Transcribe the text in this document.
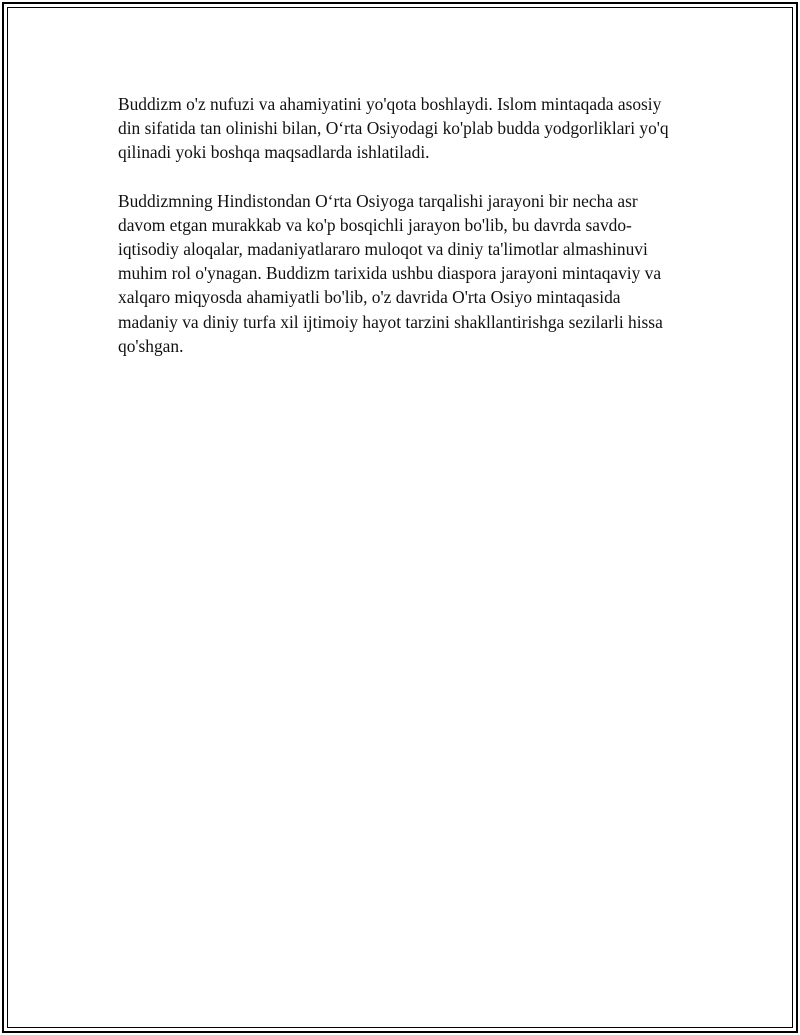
Buddizm o'z nufuzi va ahamiyatini yo'qota boshlaydi. Islom mintaqada asosiy din sifatida tan olinishi bilan, O‘rta Osiyodagi ko'plab budda yodgorliklari yo'q qilinadi yoki boshqa maqsadlarda ishlatiladi.

Buddizmning Hindistondan O‘rta Osiyoga tarqalishi jarayoni bir necha asr davom etgan murakkab va ko'p bosqichli jarayon bo'lib, bu davrda savdo-iqtisodiy aloqalar, madaniyatlararo muloqot va diniy ta'limotlar almashinuvi muhim rol o'ynagan. Buddizm tarixida ushbu diaspora jarayoni mintaqaviy va xalqaro miqyosda ahamiyatli bo'lib, o'z davrida O'rta Osiyo mintaqasida madaniy va diniy turfa xil ijtimoiy hayot tarzini shakllantirishga sezilarli hissa qo'shgan.
